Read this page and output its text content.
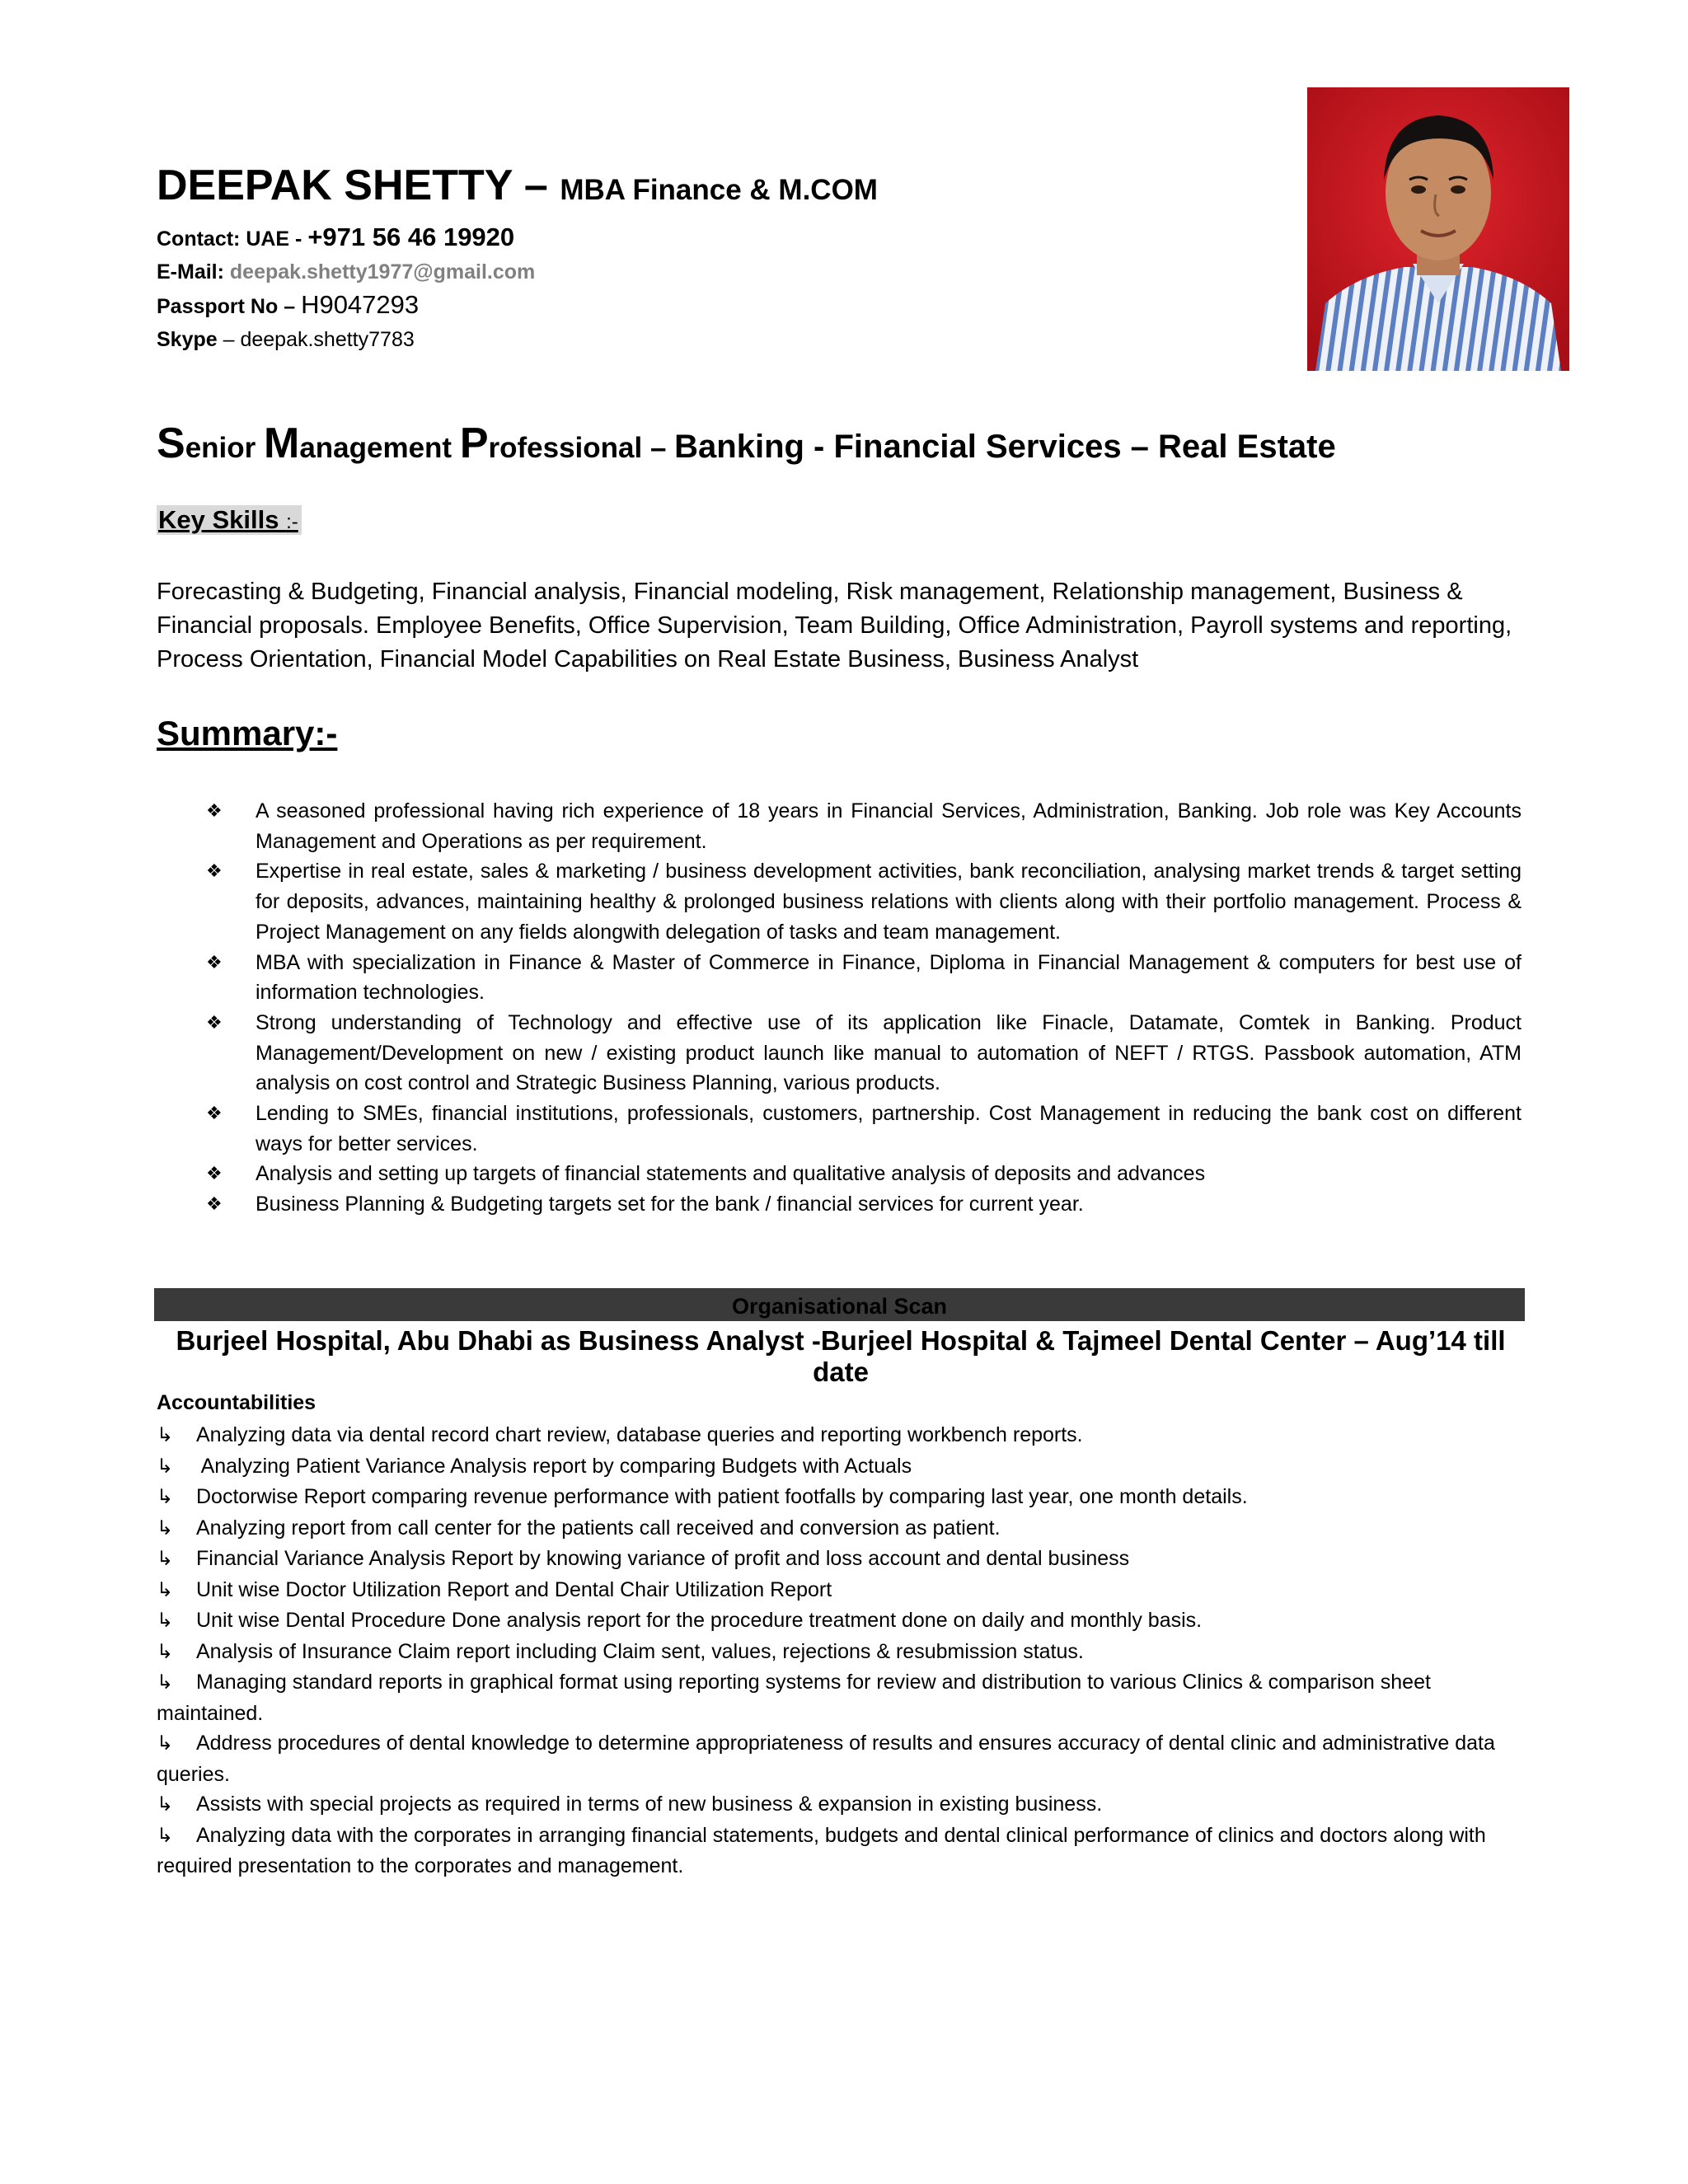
DEEPAK SHETTY – MBA Finance & M.COM
Contact: UAE - +971 56 46 19920
E-Mail: deepak.shetty1977@gmail.com
Passport No – H9047293
Skype – deepak.shetty7783
Senior Management Professional – Banking - Financial Services – Real Estate
Key Skills :-
Forecasting & Budgeting, Financial analysis, Financial modeling, Risk management, Relationship management, Business & Financial proposals. Employee Benefits, Office Supervision, Team Building, Office Administration, Payroll systems and reporting, Process Orientation, Financial Model Capabilities on Real Estate Business, Business Analyst
Summary:-
❖ A seasoned professional having rich experience of 18 years in Financial Services, Administration, Banking. Job role was Key Accounts Management and Operations as per requirement.
❖ Expertise in real estate, sales & marketing / business development activities, bank reconciliation, analysing market trends & target setting for deposits, advances, maintaining healthy & prolonged business relations with clients along with their portfolio management. Process & Project Management on any fields alongwith delegation of tasks and team management.
❖ MBA with specialization in Finance & Master of Commerce in Finance, Diploma in Financial Management & computers for best use of information technologies.
❖ Strong understanding of Technology and effective use of its application like Finacle, Datamate, Comtek in Banking. Product Management/Development on new / existing product launch like manual to automation of NEFT / RTGS. Passbook automation, ATM analysis on cost control and Strategic Business Planning, various products.
❖ Lending to SMEs, financial institutions, professionals, customers, partnership. Cost Management in reducing the bank cost on different ways for better services.
❖ Analysis and setting up targets of financial statements and qualitative analysis of deposits and advances
❖ Business Planning & Budgeting targets set for the bank / financial services for current year.
Organisational Scan
Burjeel Hospital, Abu Dhabi as Business Analyst -Burjeel Hospital & Tajmeel Dental Center – Aug’14 till date
Accountabilities
↳ Analyzing data via dental record chart review, database queries and reporting workbench reports.
↳ Analyzing Patient Variance Analysis report by comparing Budgets with Actuals
↳ Doctorwise Report comparing revenue performance with patient footfalls by comparing last year, one month details.
↳ Analyzing report from call center for the patients call received and conversion as patient.
↳ Financial Variance Analysis Report by knowing variance of profit and loss account and dental business
↳ Unit wise Doctor Utilization Report and Dental Chair Utilization Report
↳ Unit wise Dental Procedure Done analysis report for the procedure treatment done on daily and monthly basis.
↳ Analysis of Insurance Claim report including Claim sent, values, rejections & resubmission status.
↳ Managing standard reports in graphical format using reporting systems for review and distribution to various Clinics & comparison sheet maintained.
↳ Address procedures of dental knowledge to determine appropriateness of results and ensures accuracy of dental clinic and administrative data queries.
↳ Assists with special projects as required in terms of new business & expansion in existing business.
↳ Analyzing data with the corporates in arranging financial statements, budgets and dental clinical performance of clinics and doctors along with required presentation to the corporates and management.
